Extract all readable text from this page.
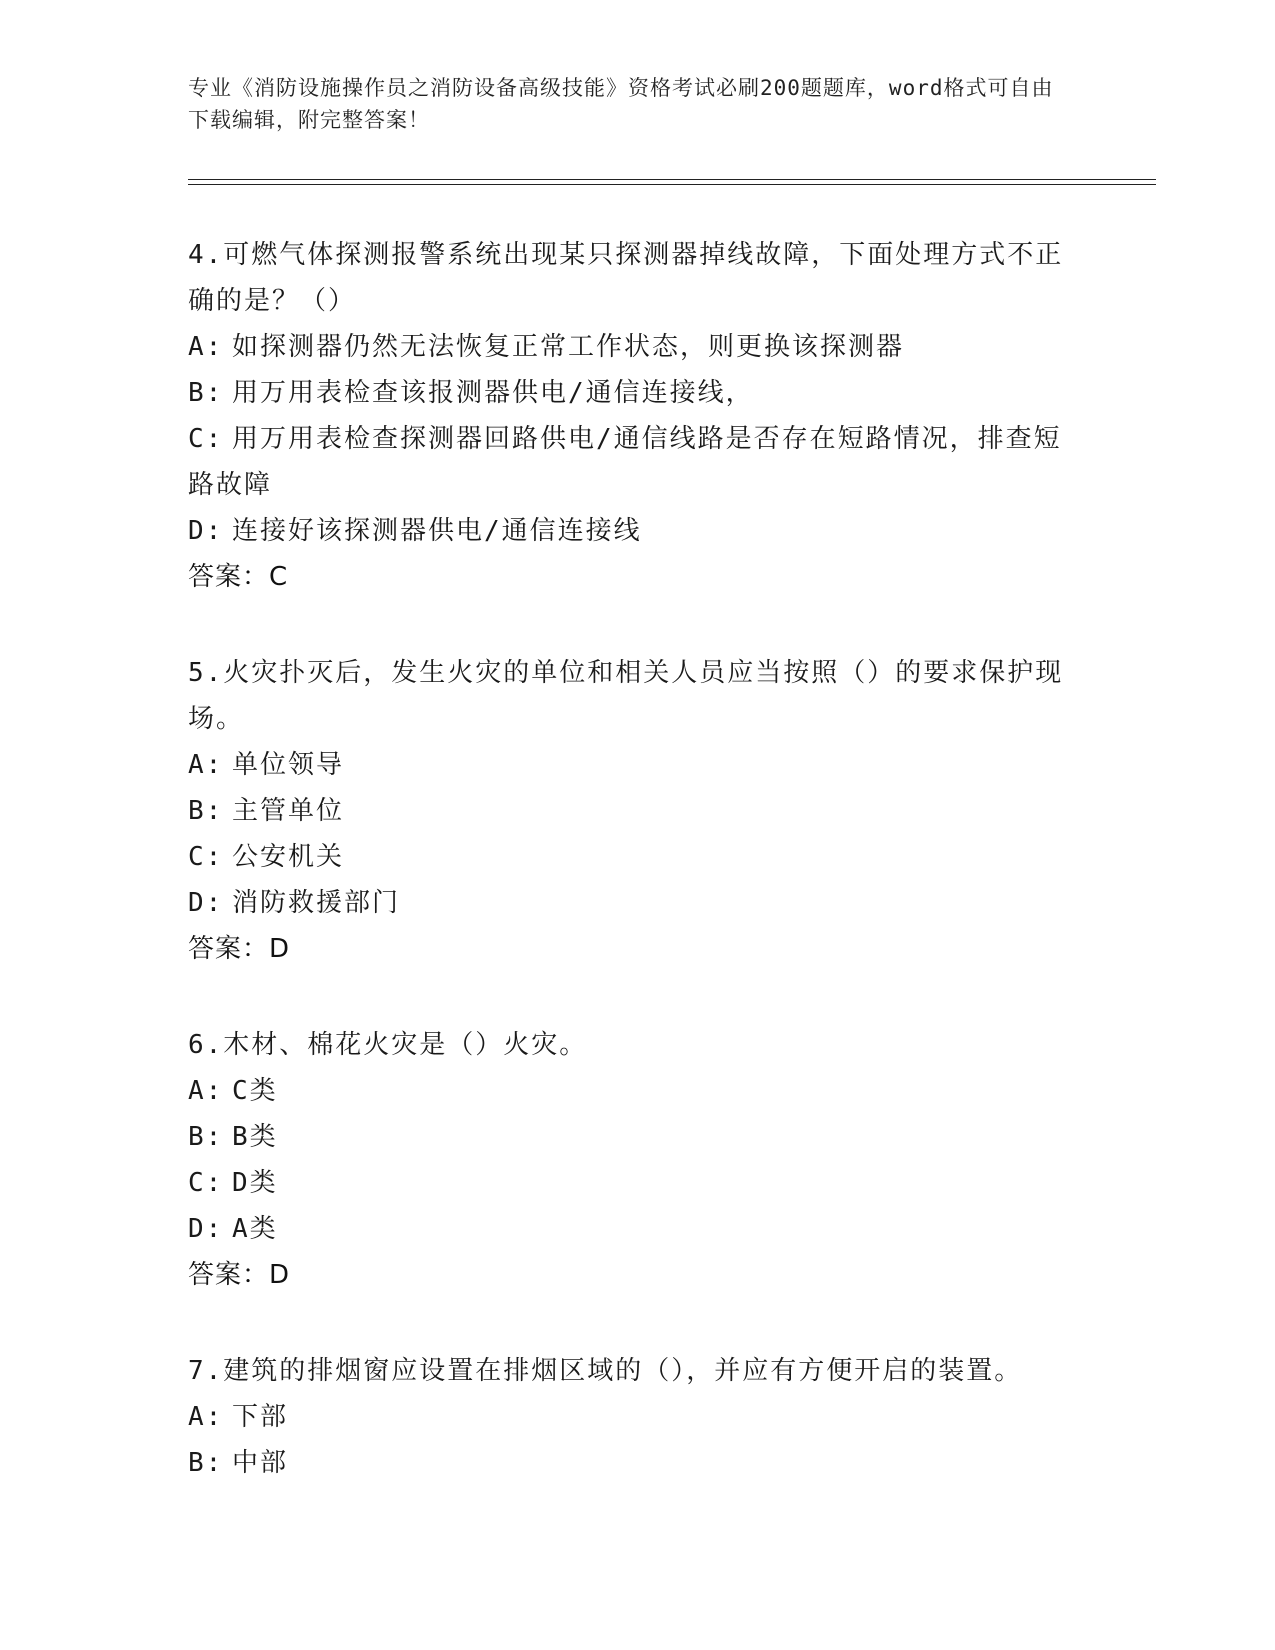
专业《消防设施操作员之消防设备高级技能》资格考试必刷200题题库，word格式可自由下载编辑，附完整答案！

4.可燃气体探测报警系统出现某只探测器掉线故障，下面处理方式不正确的是？（）

A: 如探测器仍然无法恢复正常工作状态，则更换该探测器

B: 用万用表检查该报测器供电/通信连接线，

C: 用万用表检查探测器回路供电/通信线路是否存在短路情况，排查短路故障

D: 连接好该探测器供电/通信连接线

答案：C

5.火灾扑灭后，发生火灾的单位和相关人员应当按照（）的要求保护现场。

A: 单位领导

B: 主管单位

C: 公安机关

D: 消防救援部门

答案：D

6.木材、棉花火灾是（）火灾。

A: C类

B: B类

C: D类

D: A类

答案：D

7.建筑的排烟窗应设置在排烟区域的（），并应有方便开启的装置。

A: 下部

B: 中部
